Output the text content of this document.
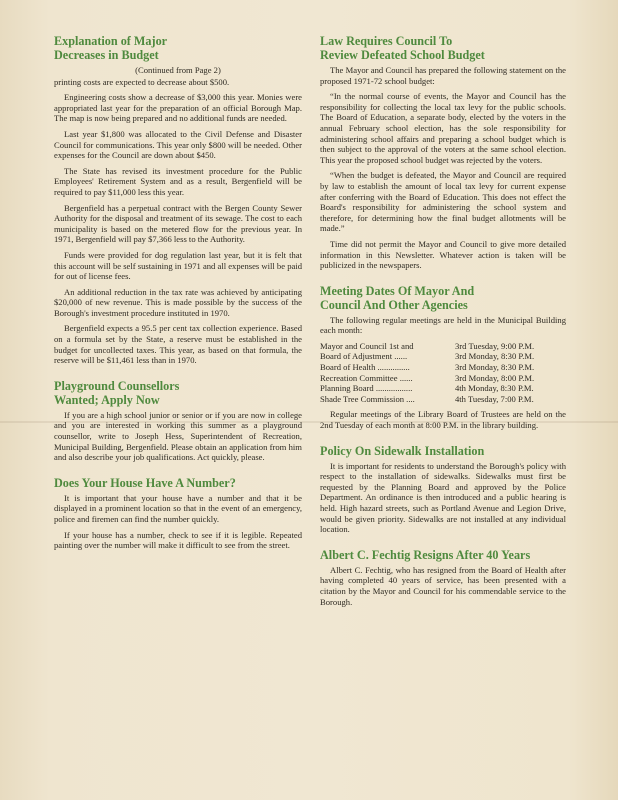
Explanation of Major
Decreases in Budget

(Continued from Page 2)

printing costs are expected to decrease about $500.

Engineering costs show a decrease of $3,000 this year. Monies were appropriated last year for the preparation of an official Borough Map. The map is now being prepared and no additional funds are needed.

Last year $1,800 was allocated to the Civil Defense and Disaster Council for communications. This year only $800 will be needed. Other expenses for the Council are down about $450.

The State has revised its investment procedure for the Public Employees' Retirement System and as a result, Bergenfield will be required to pay $11,000 less this year.

Bergenfield has a perpetual contract with the Bergen County Sewer Authority for the disposal and treatment of its sewage. The cost to each municipality is based on the metered flow for the previous year. In 1971, Bergenfield will pay $7,366 less to the Authority.

Funds were provided for dog regulation last year, but it is felt that this account will be self sustaining in 1971 and all expenses will be paid for out of license fees.

An additional reduction in the tax rate was achieved by anticipating $20,000 of new revenue. This is made possible by the success of the Borough's investment procedure instituted in 1970.

Bergenfield expects a 95.5 per cent tax collection experience. Based on a formula set by the State, a reserve must be established in the budget for uncollected taxes. This year, as based on that formula, the reserve will be $11,461 less than in 1970.

Playground Counsellors
Wanted; Apply Now

If you are a high school junior or senior or if you are now in college and you are interested in working this summer as a playground counsellor, write to Joseph Hess, Superintendent of Recreation, Municipal Building, Bergenfield. Please obtain an application from him and also describe your job qualifications. Act quickly, please.

Does Your House Have A Number?

It is important that your house have a number and that it be displayed in a prominent location so that in the event of an emergency, police and firemen can find the number quickly.

If your house has a number, check to see if it is legible. Repeated painting over the number will make it difficult to see from the street.

Law Requires Council To
Review Defeated School Budget

The Mayor and Council has prepared the following statement on the proposed 1971-72 school budget:

“In the normal course of events, the Mayor and Council has the responsibility for collecting the local tax levy for the public schools. The Board of Education, a separate body, elected by the voters in the annual February school election, has the sole responsibility for administering school affairs and preparing a school budget which is then subject to the approval of the voters at the same school election. This year the proposed school budget was rejected by the voters.

“When the budget is defeated, the Mayor and Council are required by law to establish the amount of local tax levy for current expense after conferring with the Board of Education. This does not effect the Board's responsibility for administering the school system and therefore, for determining how the final budget allotments will be made.”

Time did not permit the Mayor and Council to give more detailed information in this Newsletter. Whatever action is taken will be publicized in the newspapers.

Meeting Dates Of Mayor And
Council And Other Agencies

The following regular meetings are held in the Municipal Building each month:

Mayor and Council 1st and	3rd Tuesday, 9:00 P.M.
Board of Adjustment ......	3rd Monday, 8:30 P.M.
Board of Health ...............	3rd Monday, 8:30 P.M.
Recreation Committee ......	3rd Monday, 8:00 P.M.
Planning Board .................	4th Monday, 8:30 P.M.
Shade Tree Commission ....	4th Tuesday, 7:00 P.M.

Regular meetings of the Library Board of Trustees are held on the 2nd Tuesday of each month at 8:00 P.M. in the library building.

Policy On Sidewalk Installation

It is important for residents to understand the Borough's policy with respect to the installation of sidewalks. Sidewalks must first be requested by the Planning Board and approved by the Police Department. An ordinance is then introduced and a public hearing is held. High hazard streets, such as Portland Avenue and Legion Drive, would be given priority. Sidewalks are not installed at any individual location.

Albert C. Fechtig Resigns After 40 Years

Albert C. Fechtig, who has resigned from the Board of Health after having completed 40 years of service, has been presented with a citation by the Mayor and Council for his commendable service to the Borough.
